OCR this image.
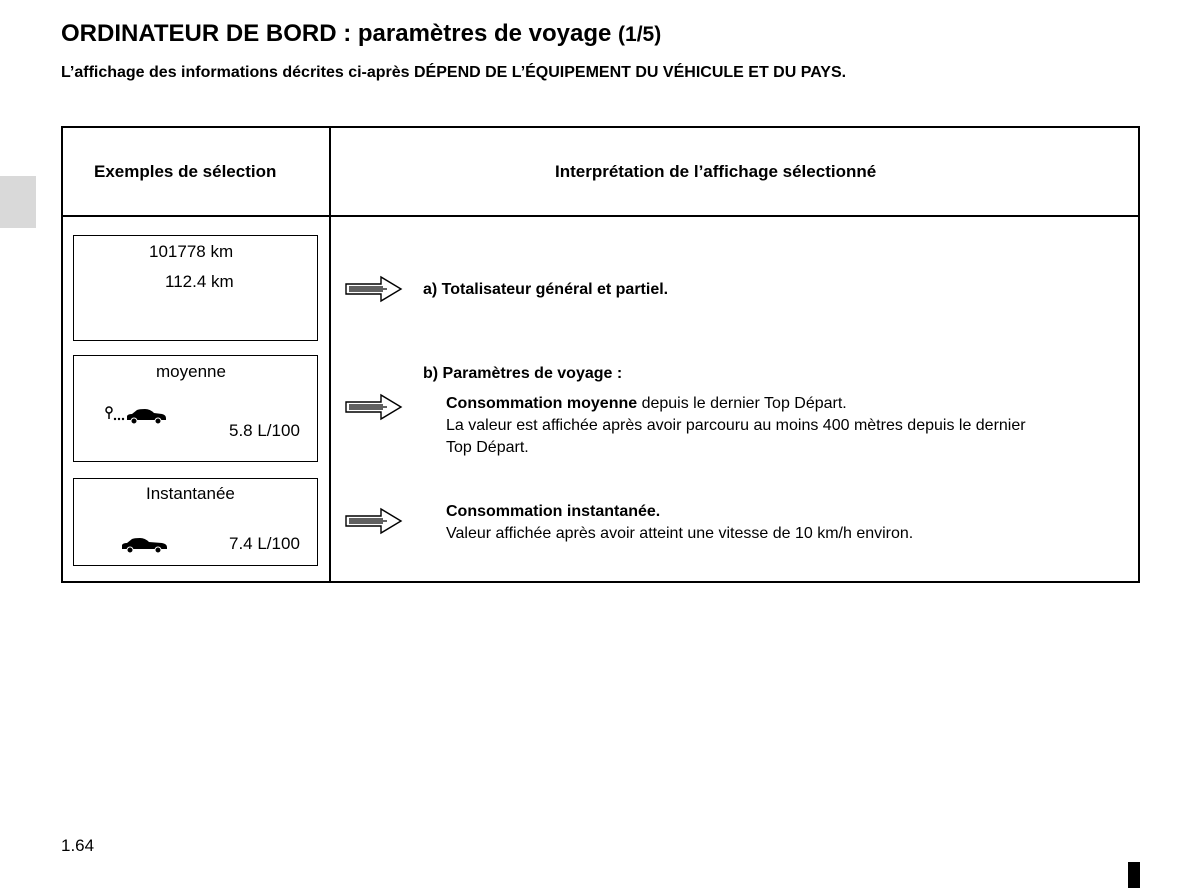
ORDINATEUR DE BORD : paramètres de voyage (1/5)
L’affichage des informations décrites ci-après DÉPEND DE L’ÉQUIPEMENT DU VÉHICULE ET DU PAYS.
Exemples de sélection	Interprétation de l’affichage sélectionné
101778 km
112.4 km
moyenne
5.8 L/100
Instantanée
7.4 L/100
a) Totalisateur général et partiel.
b) Paramètres de voyage :
Consommation moyenne depuis le dernier Top Départ.
La valeur est affichée après avoir parcouru au moins 400 mètres depuis le dernier
Top Départ.
Consommation instantanée.
Valeur affichée après avoir atteint une vitesse de 10 km/h environ.
1.64
